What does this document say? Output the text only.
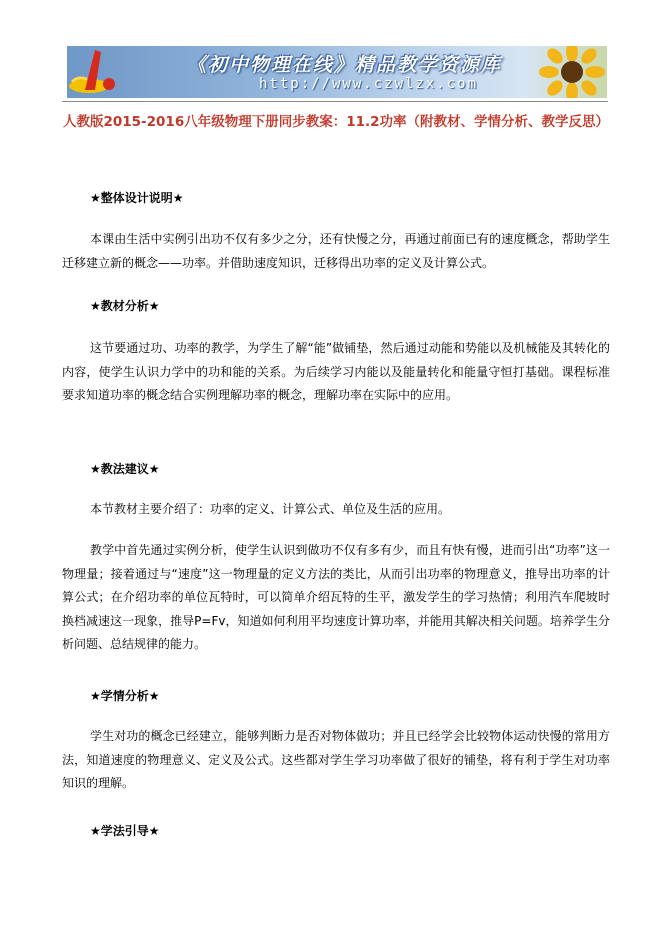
《初中物理在线》精品教学资源库
http://www.czwlzx.com
人教版2015-2016八年级物理下册同步教案：11.2功率（附教材、学情分析、教学反思）
★整体设计说明★
本课由生活中实例引出功不仅有多少之分，还有快慢之分，再通过前面已有的速度概念，帮助学生迁移建立新的概念——功率。并借助速度知识，迁移得出功率的定义及计算公式。
★教材分析★
这节要通过功、功率的教学，为学生了解“能”做铺垫，然后通过动能和势能以及机械能及其转化的内容，使学生认识力学中的功和能的关系。为后续学习内能以及能量转化和能量守恒打基础。课程标准要求知道功率的概念结合实例理解功率的概念，理解功率在实际中的应用。
★教法建议★
本节教材主要介绍了：功率的定义、计算公式、单位及生活的应用。
教学中首先通过实例分析，使学生认识到做功不仅有多有少，而且有快有慢，进而引出“功率”这一物理量；接着通过与“速度”这一物理量的定义方法的类比，从而引出功率的物理意义，推导出功率的计算公式；在介绍功率的单位瓦特时，可以简单介绍瓦特的生平，激发学生的学习热情；利用汽车爬坡时换档减速这一现象，推导P=Fv，知道如何利用平均速度计算功率，并能用其解决相关问题。培养学生分析问题、总结规律的能力。
★学情分析★
学生对功的概念已经建立，能够判断力是否对物体做功；并且已经学会比较物体运动快慢的常用方法，知道速度的物理意义、定义及公式。这些都对学生学习功率做了很好的铺垫，将有利于学生对功率知识的理解。
★学法引导★
